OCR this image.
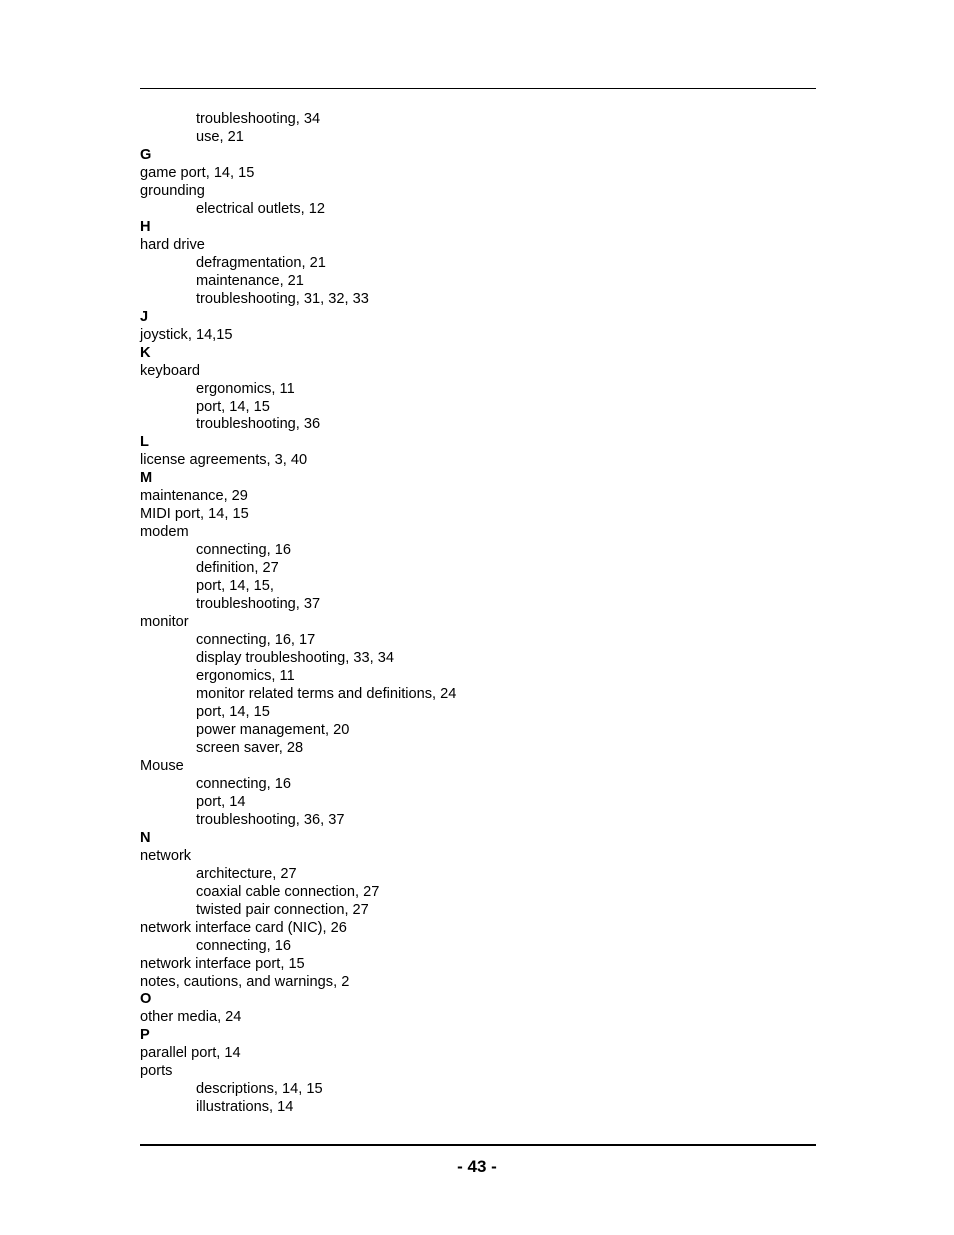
troubleshooting, 34
use, 21
G
game port, 14, 15
grounding
electrical outlets, 12
H
hard drive
defragmentation, 21
maintenance, 21
troubleshooting, 31, 32, 33
J
joystick, 14,15
K
keyboard
ergonomics, 11
port, 14, 15
troubleshooting, 36
L
license agreements, 3, 40
M
maintenance, 29
MIDI port, 14, 15
modem
connecting, 16
definition, 27
port, 14, 15,
troubleshooting, 37
monitor
connecting, 16, 17
display troubleshooting, 33, 34
ergonomics, 11
monitor related terms and definitions, 24
port, 14, 15
power management, 20
screen saver, 28
Mouse
connecting, 16
port, 14
troubleshooting, 36, 37
N
network
architecture, 27
coaxial cable connection, 27
twisted pair connection, 27
network interface card (NIC), 26
connecting, 16
network interface port, 15
notes, cautions, and warnings, 2
O
other media, 24
P
parallel port, 14
ports
descriptions, 14, 15
illustrations, 14
- 43 -
